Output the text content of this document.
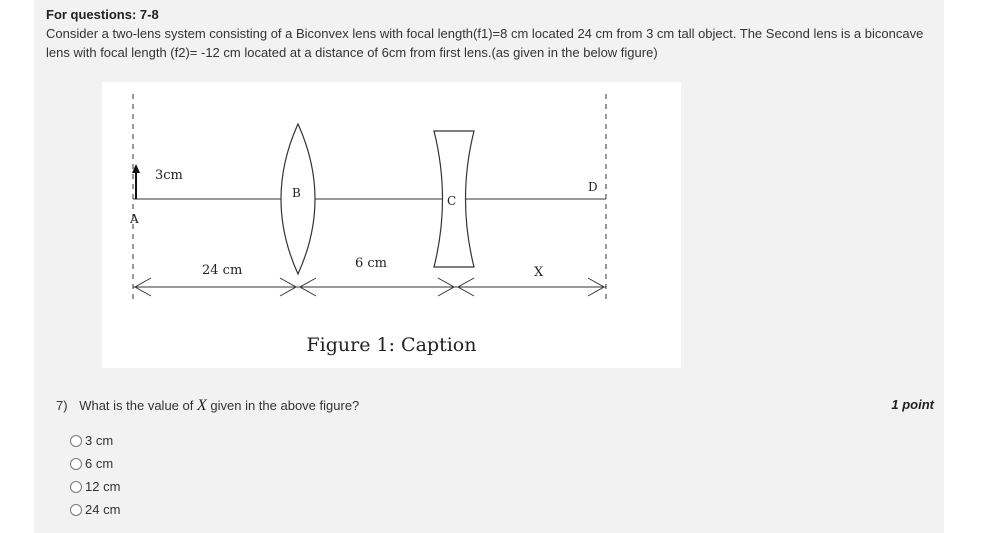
For questions: 7-8
Consider a two-lens system consisting of a Biconvex lens with focal length(f1)=8 cm located 24 cm from 3 cm tall object. The Second lens is a biconcave lens with focal length (f2)= -12 cm located at a distance of 6cm from first lens.(as given in the below figure)
3cm
A
B
C
D
24 cm	6 cm
X
Figure 1: Caption
7) What is the value of X given in the above figure?	1 point
3 cm
6 cm
12 cm
24 cm
